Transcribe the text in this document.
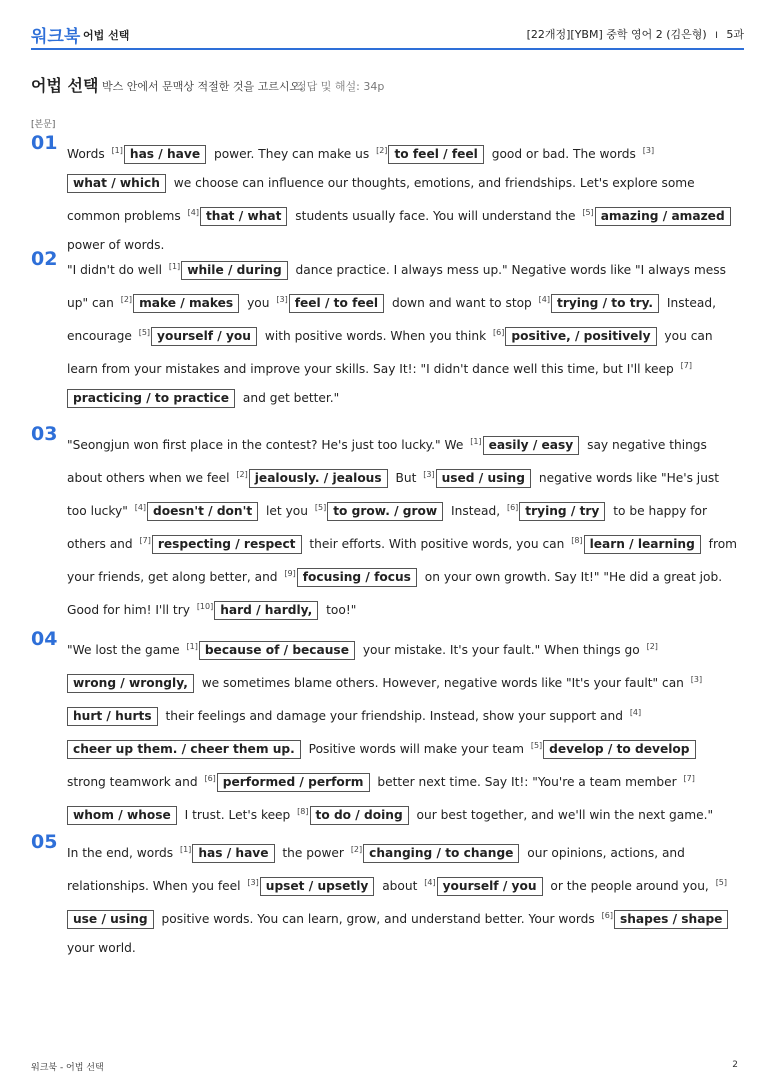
워크북 어법 선택	[22개정][YBM] 중학 영어 2 (김은형) I 5과
어법 선택 박스 안에서 문맥상 적절한 것을 고르시오.
정답 및 해설: 34p
[본문]
01 Words [1] has / have power. They can make us [2] to feel / feel good or bad. The words [3]what / which we choose can influence our thoughts, emotions, and friendships. Let's explore some common problems [4] that / what students usually face. You will understand the [5] amazing / amazed power of words.
02 "I didn't do well [1] while / during dance practice. I always mess up." Negative words like "I always mess up" can [2] make / makes you [3] feel / to feel down and want to stop [4] trying / to try. Instead, encourage [5] yourself / you with positive words. When you think [6] positive, / positively you can learn from your mistakes and improve your skills. Say It!: "I didn't dance well this time, but I'll keep [7]practicing / to practice and get better."
03 "Seongjun won first place in the contest? He's just too lucky." We [1] easily / easy say negative things about others when we feel [2] jealously. / jealous But [3] used / using negative words like "He's just too lucky" [4] doesn't / don't let you [5] to grow. / grow Instead, [6] trying / try to be happy for others and [7] respecting / respect their efforts. With positive words, you can [8] learn / learning from your friends, get along better, and [9] focusing / focus on your own growth. Say It!" "He did a great job. Good for him! I'll try [10] hard / hardly, too!"
04 "We lost the game [1] because of / because your mistake. It's your fault." When things go [2]wrong / wrongly, we sometimes blame others. However, negative words like "It's your fault" can [3]hurt / hurts their feelings and damage your friendship. Instead, show your support and [4]cheer up them. / cheer them up. Positive words will make your team [5] develop / to develop strong teamwork and [6] performed / perform better next time. Say It!: "You're a team member [7]whom / whose I trust. Let's keep [8] to do / doing our best together, and we'll win the next game."
05 In the end, words [1] has / have the power [2] changing / to change our opinions, actions, and relationships. When you feel [3] upset / upsetly about [4] yourself / you or the people around you, [5]use / using positive words. You can learn, grow, and understand better. Your words [6] shapes / shape your world.
워크북 - 어법 선택	2
